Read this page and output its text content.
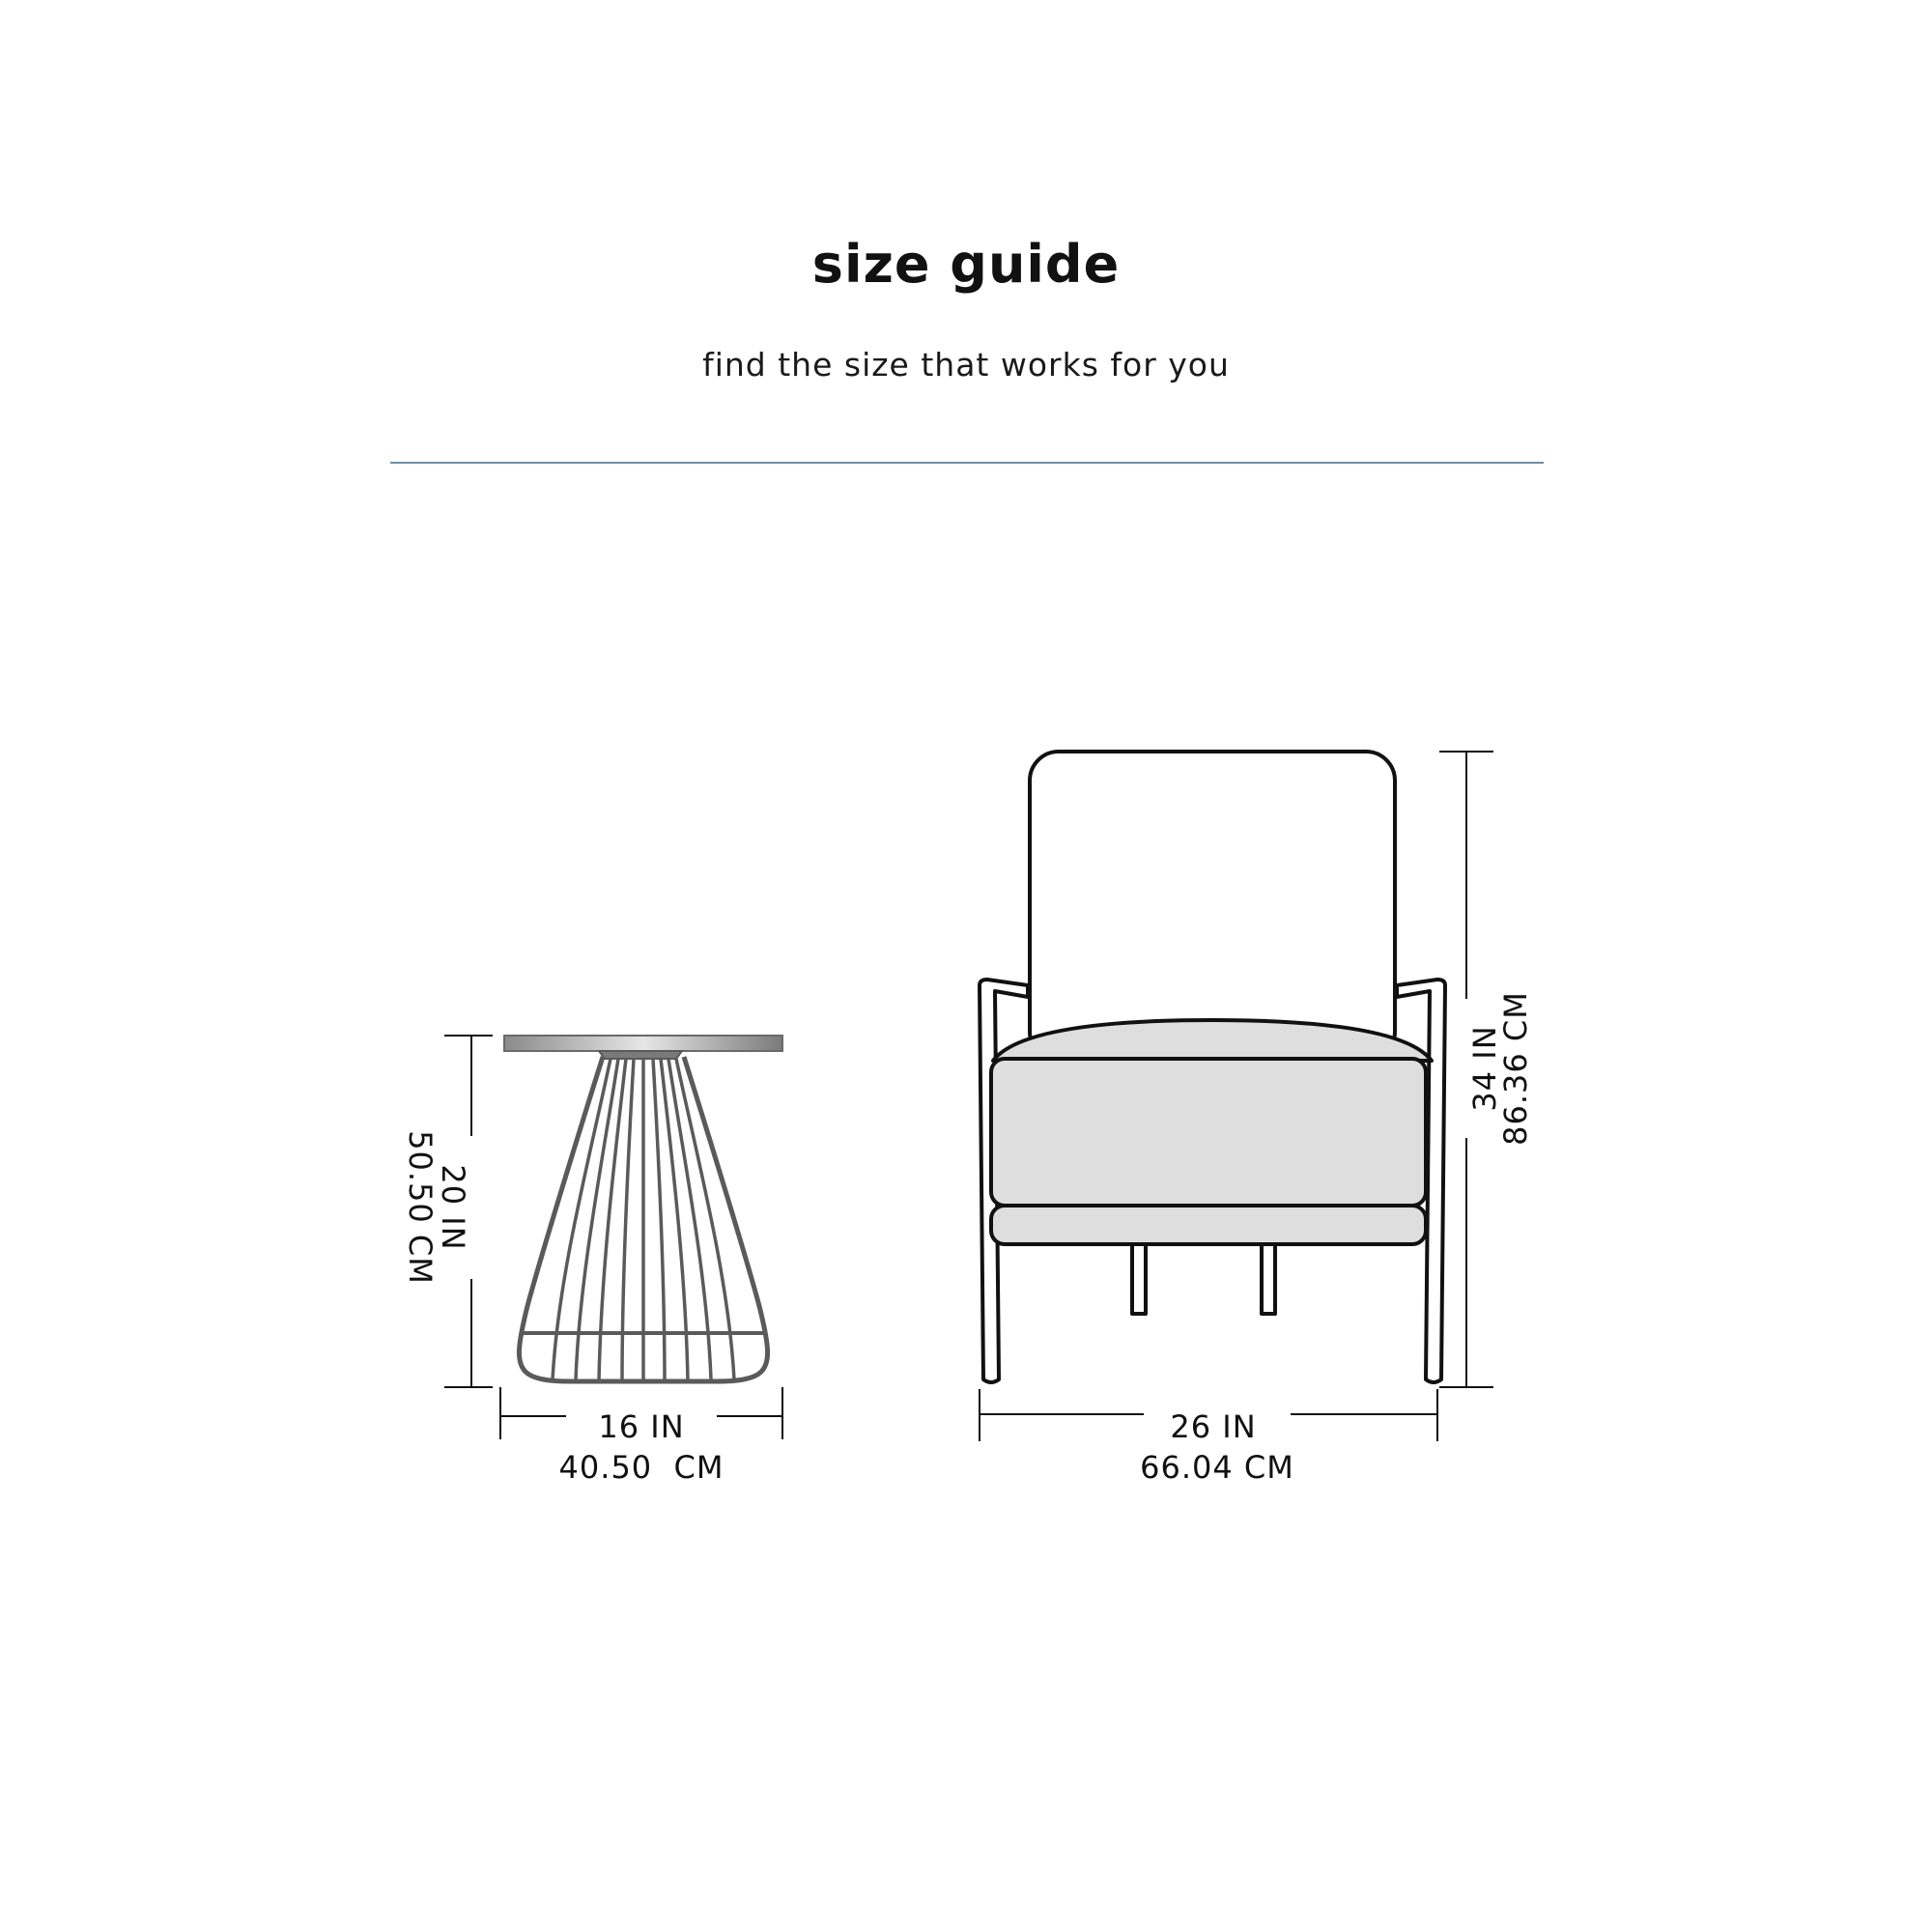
size guide
find the size that works for you
20 IN
50.50 CM
16 IN
40.50  CM
34 IN
86.36 CM
26 IN
66.04 CM
